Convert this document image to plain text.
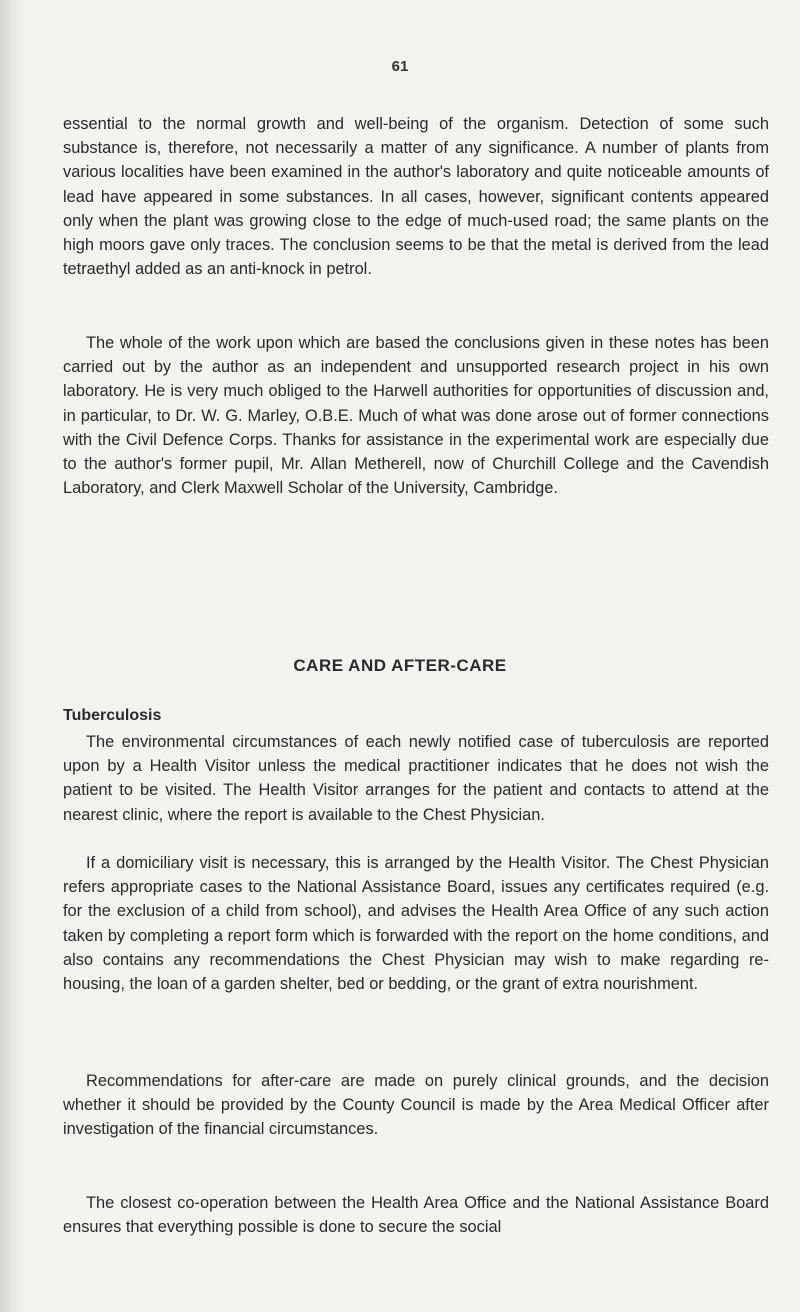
61

essential to the normal growth and well-being of the organism. Detection of some such substance is, therefore, not necessarily a matter of any significance. A number of plants from various localities have been examined in the author's laboratory and quite noticeable amounts of lead have appeared in some substances. In all cases, however, significant contents appeared only when the plant was growing close to the edge of much-used road; the same plants on the high moors gave only traces. The conclusion seems to be that the metal is derived from the lead tetraethyl added as an anti-knock in petrol.

The whole of the work upon which are based the conclusions given in these notes has been carried out by the author as an independent and unsupported research project in his own laboratory. He is very much obliged to the Harwell authorities for opportunities of discussion and, in particular, to Dr. W. G. Marley, O.B.E. Much of what was done arose out of former connections with the Civil Defence Corps. Thanks for assistance in the experimental work are especially due to the author's former pupil, Mr. Allan Metherell, now of Churchill College and the Cavendish Laboratory, and Clerk Maxwell Scholar of the University, Cambridge.

CARE AND AFTER-CARE
Tuberculosis

The environmental circumstances of each newly notified case of tuberculosis are reported upon by a Health Visitor unless the medical practitioner indicates that he does not wish the patient to be visited. The Health Visitor arranges for the patient and contacts to attend at the nearest clinic, where the report is available to the Chest Physician.

If a domiciliary visit is necessary, this is arranged by the Health Visitor. The Chest Physician refers appropriate cases to the National Assistance Board, issues any certificates required (e.g. for the exclusion of a child from school), and advises the Health Area Office of any such action taken by completing a report form which is forwarded with the report on the home conditions, and also contains any recommendations the Chest Physician may wish to make regarding re-housing, the loan of a garden shelter, bed or bedding, or the grant of extra nourishment.

Recommendations for after-care are made on purely clinical grounds, and the decision whether it should be provided by the County Council is made by the Area Medical Officer after investigation of the financial circumstances.

The closest co-operation between the Health Area Office and the National Assistance Board ensures that everything possible is done to secure the social
